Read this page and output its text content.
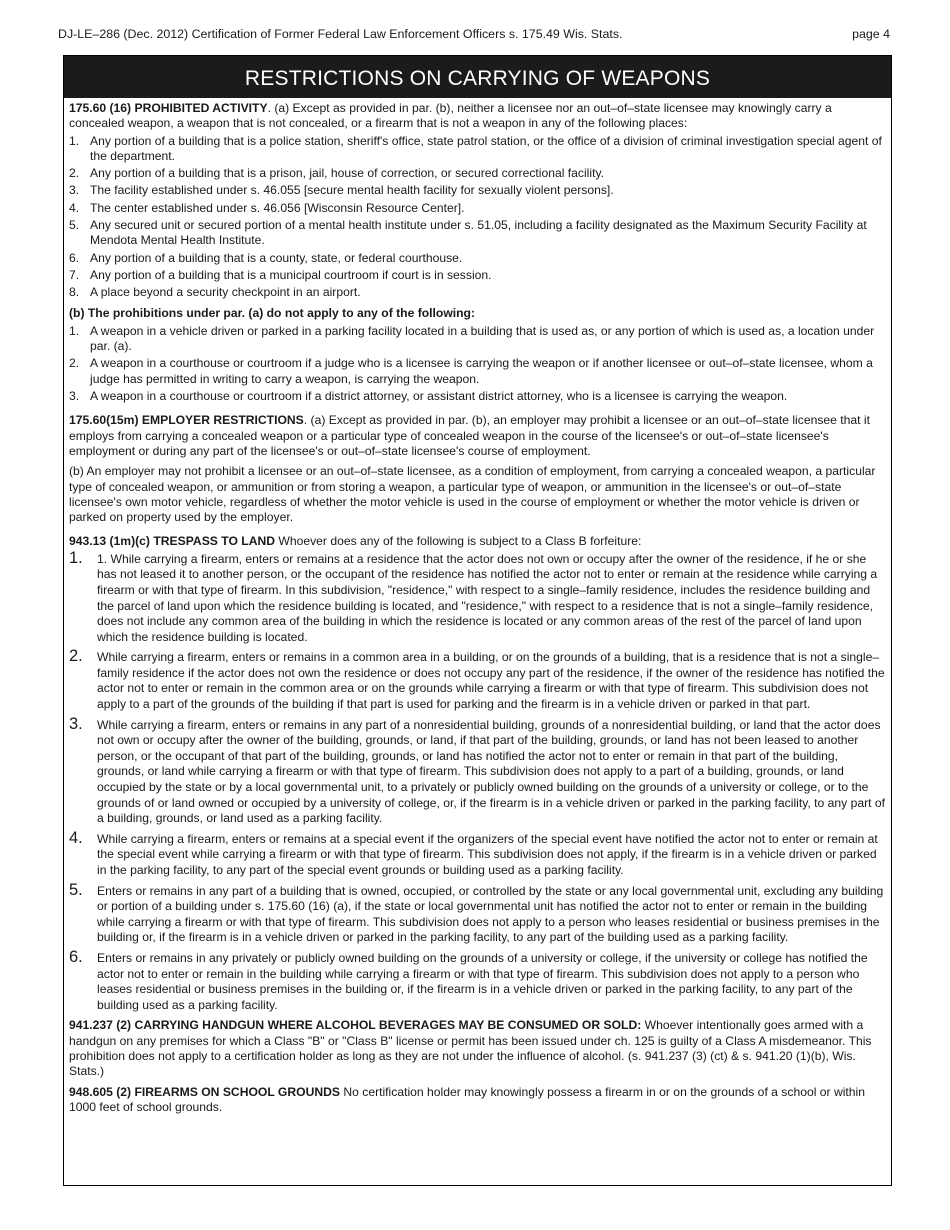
DJ-LE–286 (Dec. 2012) Certification of Former Federal Law Enforcement Officers s. 175.49 Wis. Stats.	page 4
RESTRICTIONS ON CARRYING OF WEAPONS

175.60 (16) PROHIBITED ACTIVITY. (a) Except as provided in par. (b), neither a licensee nor an out–of–state licensee may knowingly carry a concealed weapon, a weapon that is not concealed, or a firearm that is not a weapon in any of the following places:

1. Any portion of a building that is a police station, sheriff's office, state patrol station, or the office of a division of criminal investigation special agent of the department.
2. Any portion of a building that is a prison, jail, house of correction, or secured correctional facility.
3. The facility established under s. 46.055 [secure mental health facility for sexually violent persons].
4. The center established under s. 46.056 [Wisconsin Resource Center].
5. Any secured unit or secured portion of a mental health institute under s. 51.05, including a facility designated as the Maximum Security Facility at Mendota Mental Health Institute.
6. Any portion of a building that is a county, state, or federal courthouse.
7. Any portion of a building that is a municipal courtroom if court is in session.
8. A place beyond a security checkpoint in an airport.

(b) The prohibitions under par. (a) do not apply to any of the following:

1. A weapon in a vehicle driven or parked in a parking facility located in a building that is used as, or any portion of which is used as, a location under par. (a).
2. A weapon in a courthouse or courtroom if a judge who is a licensee is carrying the weapon or if another licensee or out–of–state licensee, whom a judge has permitted in writing to carry a weapon, is carrying the weapon.
3. A weapon in a courthouse or courtroom if a district attorney, or assistant district attorney, who is a licensee is carrying the weapon.

175.60(15m) EMPLOYER RESTRICTIONS. (a) Except as provided in par. (b), an employer may prohibit a licensee or an out–of–state licensee that it employs from carrying a concealed weapon or a particular type of concealed weapon in the course of the licensee's or out–of–state licensee's employment or during any part of the licensee's or out–of–state licensee's course of employment.

(b) An employer may not prohibit a licensee or an out–of–state licensee, as a condition of employment, from carrying a concealed weapon, a particular type of concealed weapon, or ammunition or from storing a weapon, a particular type of weapon, or ammunition in the licensee's or out–of–state licensee's own motor vehicle, regardless of whether the motor vehicle is used in the course of employment or whether the motor vehicle is driven or parked on property used by the employer.

943.13 (1m)(c) TRESPASS TO LAND Whoever does any of the following is subject to a Class B forfeiture:

1. 1. While carrying a firearm, enters or remains at a residence that the actor does not own or occupy after the owner of the residence, if he or she has not leased it to another person, or the occupant of the residence has notified the actor not to enter or remain at the residence while carrying a firearm or with that type of firearm. In this subdivision, "residence," with respect to a single–family residence, includes the residence building and the parcel of land upon which the residence building is located, and "residence," with respect to a residence that is not a single–family residence, does not include any common area of the building in which the residence is located or any common areas of the rest of the parcel of land upon which the residence building is located.
2. While carrying a firearm, enters or remains in a common area in a building, or on the grounds of a building, that is a residence that is not a single–family residence if the actor does not own the residence or does not occupy any part of the residence, if the owner of the residence has notified the actor not to enter or remain in the common area or on the grounds while carrying a firearm or with that type of firearm. This subdivision does not apply to a part of the grounds of the building if that part is used for parking and the firearm is in a vehicle driven or parked in that part.
3. While carrying a firearm, enters or remains in any part of a nonresidential building, grounds of a nonresidential building, or land that the actor does not own or occupy after the owner of the building, grounds, or land, if that part of the building, grounds, or land has not been leased to another person, or the occupant of that part of the building, grounds, or land has notified the actor not to enter or remain in that part of the building, grounds, or land while carrying a firearm or with that type of firearm. This subdivision does not apply to a part of a building, grounds, or land occupied by the state or by a local governmental unit, to a privately or publicly owned building on the grounds of a university or college, or to the grounds of or land owned or occupied by a university of college, or, if the firearm is in a vehicle driven or parked in the parking facility, to any part of a building, grounds, or land used as a parking facility.
4. While carrying a firearm, enters or remains at a special event if the organizers of the special event have notified the actor not to enter or remain at the special event while carrying a firearm or with that type of firearm. This subdivision does not apply, if the firearm is in a vehicle driven or parked in the parking facility, to any part of the special event grounds or building used as a parking facility.
5. Enters or remains in any part of a building that is owned, occupied, or controlled by the state or any local governmental unit, excluding any building or portion of a building under s. 175.60 (16) (a), if the state or local governmental unit has notified the actor not to enter or remain in the building while carrying a firearm or with that type of firearm. This subdivision does not apply to a person who leases residential or business premises in the building or, if the firearm is in a vehicle driven or parked in the parking facility, to any part of the building used as a parking facility.
6. Enters or remains in any privately or publicly owned building on the grounds of a university or college, if the university or college has notified the actor not to enter or remain in the building while carrying a firearm or with that type of firearm. This subdivision does not apply to a person who leases residential or business premises in the building or, if the firearm is in a vehicle driven or parked in the parking facility, to any part of the building used as a parking facility.

941.237 (2) CARRYING HANDGUN WHERE ALCOHOL BEVERAGES MAY BE CONSUMED OR SOLD: Whoever intentionally goes armed with a handgun on any premises for which a Class "B" or "Class B" license or permit has been issued under ch. 125 is guilty of a Class A misdemeanor. This prohibition does not apply to a certification holder as long as they are not under the influence of alcohol. (s. 941.237 (3) (ct) & s. 941.20 (1)(b), Wis. Stats.)

948.605 (2) FIREARMS ON SCHOOL GROUNDS No certification holder may knowingly possess a firearm in or on the grounds of a school or within 1000 feet of school grounds.
